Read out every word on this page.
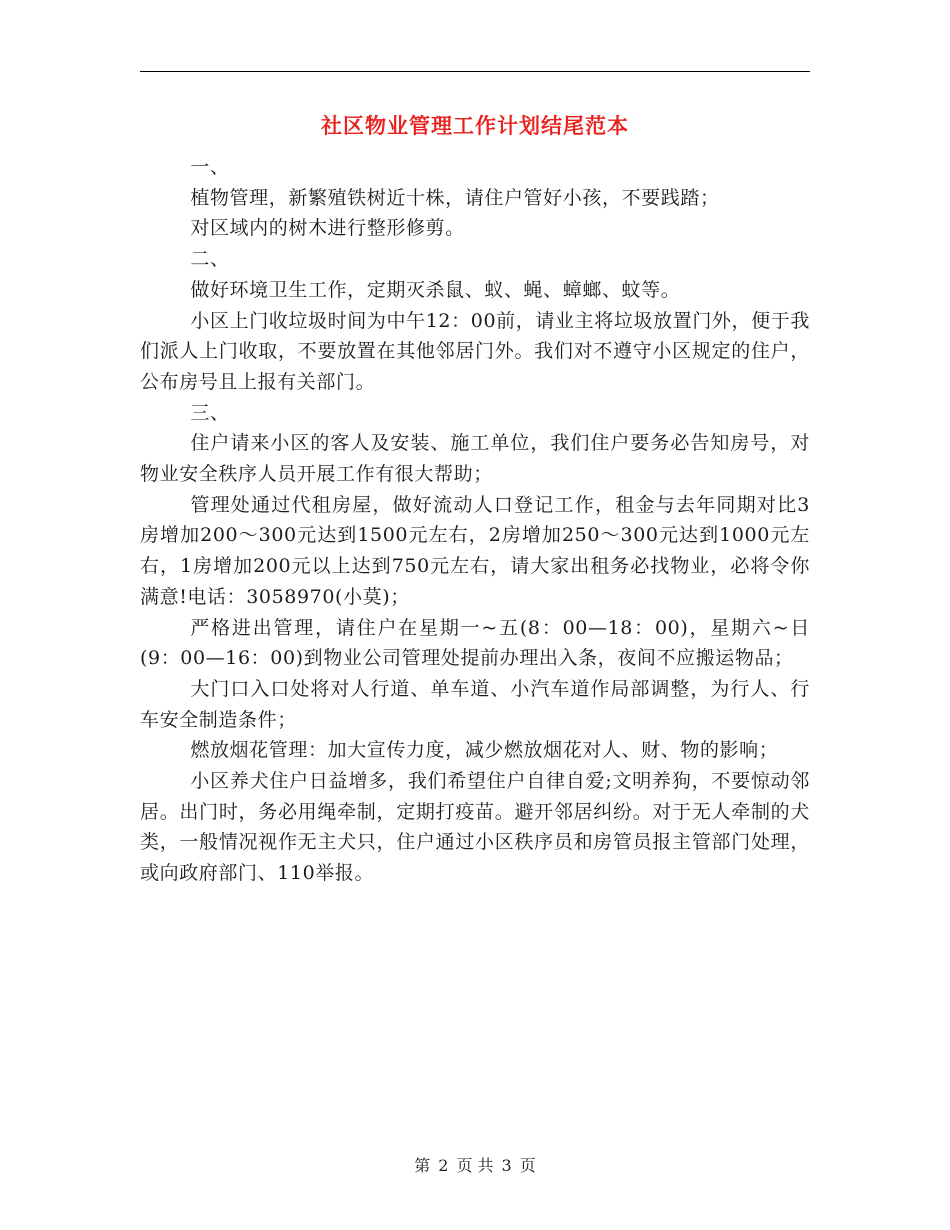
社区物业管理工作计划结尾范本

一、

植物管理，新繁殖铁树近十株，请住户管好小孩，不要践踏；

对区域内的树木进行整形修剪。

二、

做好环境卫生工作，定期灭杀鼠、蚁、蝇、蟑螂、蚊等。

小区上门收垃圾时间为中午12：00前，请业主将垃圾放置门外，便于我们派人上门收取，不要放置在其他邻居门外。我们对不遵守小区规定的住户，公布房号且上报有关部门。

三、

住户请来小区的客人及安装、施工单位，我们住户要务必告知房号，对物业安全秩序人员开展工作有很大帮助；

管理处通过代租房屋，做好流动人口登记工作，租金与去年同期对比3房增加200～300元达到1500元左右，2房增加250～300元达到1000元左右，1房增加200元以上达到750元左右，请大家出租务必找物业，必将令你满意!电话：3058970(小莫)；

严格进出管理，请住户在星期一~五(8：00—18：00)，星期六~日(9：00—16：00)到物业公司管理处提前办理出入条，夜间不应搬运物品；

大门口入口处将对人行道、单车道、小汽车道作局部调整，为行人、行车安全制造条件；

燃放烟花管理：加大宣传力度，减少燃放烟花对人、财、物的影响；

小区养犬住户日益增多，我们希望住户自律自爱;文明养狗，不要惊动邻居。出门时，务必用绳牵制，定期打疫苗。避开邻居纠纷。对于无人牵制的犬类，一般情况视作无主犬只，住户通过小区秩序员和房管员报主管部门处理，或向政府部门、110举报。

第 2 页 共 3 页
